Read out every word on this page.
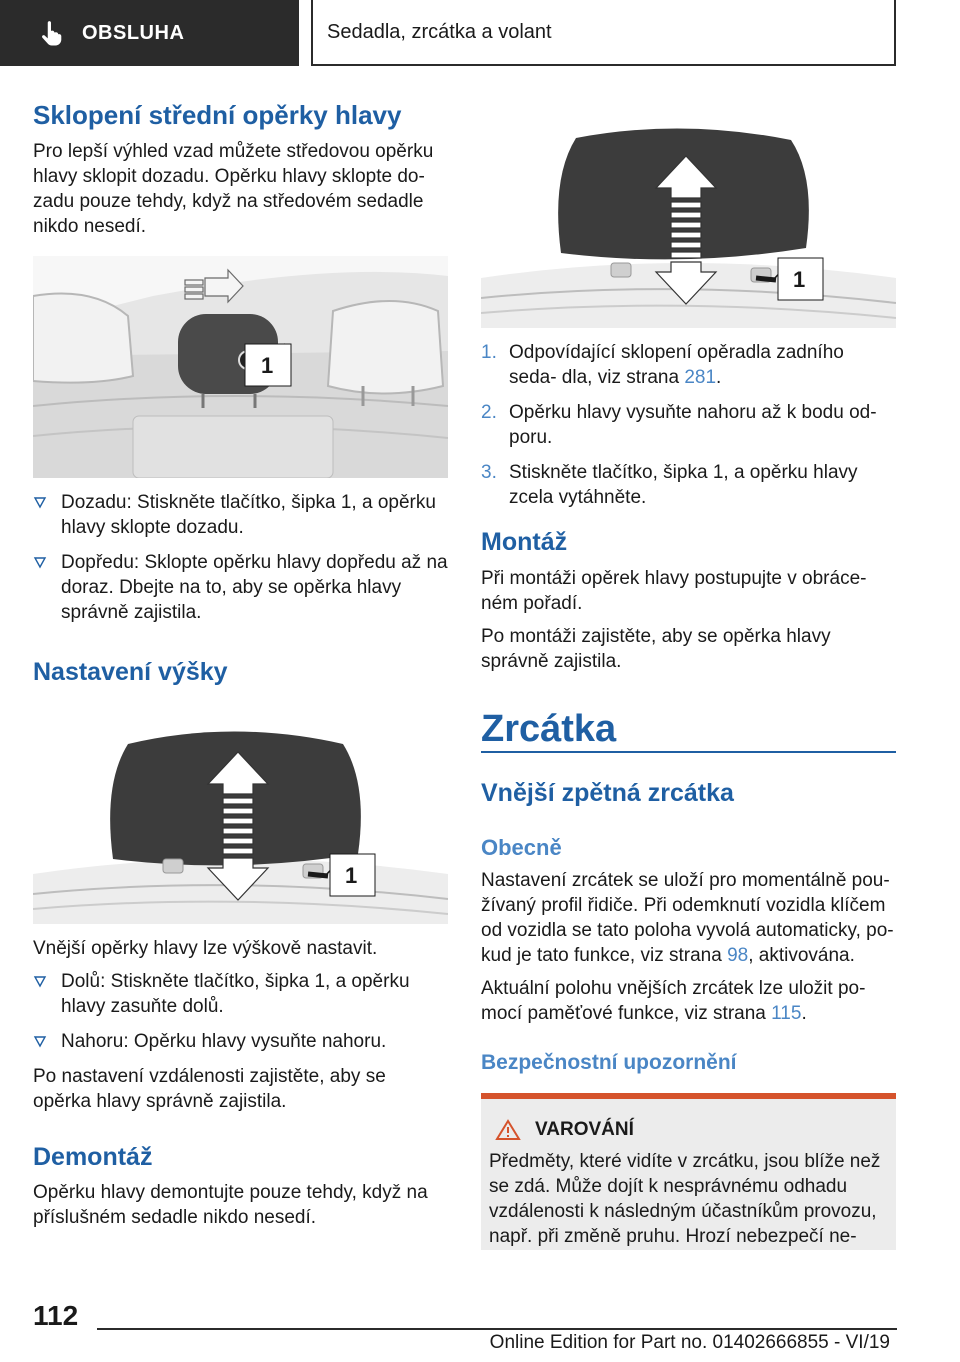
OBSLUHA	Sedadla, zrcátka a volant
Sklopení střední opěrky hlavy

Pro lepší výhled vzad můžete středovou opěrku hlavy sklopit dozadu. Opěrku hlavy sklopte do‐ zadu pouze tehdy, když na středovém sedadle nikdo nesedí.

1
Dozadu: Stiskněte tlačítko, šipka 1, a opěrku hlavy sklopte dozadu.
Dopředu: Sklopte opěrku hlavy dopředu až na doraz. Dbejte na to, aby se opěrka hlavy správně zajistila.
Nastavení výšky
1

Vnější opěrky hlavy lze výškově nastavit.

Dolů: Stiskněte tlačítko, šipka 1, a opěrku hlavy zasuňte dolů.
Nahoru: Opěrku hlavy vysuňte nahoru.

Po nastavení vzdálenosti zajistěte, aby se opěrka hlavy správně zajistila.

Demontáž

Opěrku hlavy demontujte pouze tehdy, když na příslušném sedadle nikdo nesedí.

1
1. Odpovídající sklopení opěradla zadního seda‐ dla, viz strana 281.
2. Opěrku hlavy vysuňte nahoru až k bodu od‐ poru.
3. Stiskněte tlačítko, šipka 1, a opěrku hlavy zcela vytáhněte.
Montáž

Při montáži opěrek hlavy postupujte v obráce‐ ném pořadí.

Po montáži zajistěte, aby se opěrka hlavy správně zajistila.

Zrcátka
Vnější zpětná zrcátka
Obecně

Nastavení zrcátek se uloží pro momentálně pou‐ žívaný profil řidiče. Při odemknutí vozidla klíčem od vozidla se tato poloha vyvolá automaticky, po‐ kud je tato funkce, viz strana 98, aktivována.

Aktuální polohu vnějších zrcátek lze uložit po‐ mocí paměťové funkce, viz strana 115.

Bezpečnostní upozornění
VAROVÁNÍ

Předměty, které vidíte v zrcátku, jsou blíže než se zdá. Může dojít k nesprávnému odhadu vzdálenosti k následným účastníkům provozu, např. při změně pruhu. Hrozí nebezpečí ne‐

112
Online Edition for Part no. 01402666855 - VI/19
